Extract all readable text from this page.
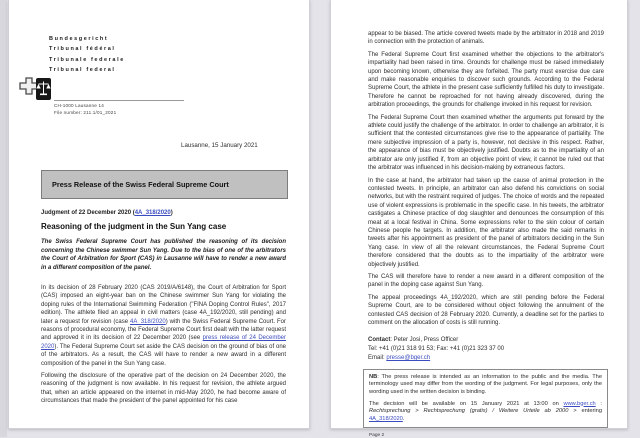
Bundesgericht
Tribunal fédéral
Tribunale federale
Tribunal federal
CH-1000 Lausanne 14
File number: 211.1/01_2021
Lausanne, 15 January 2021
Press Release of the Swiss Federal Supreme Court

Judgment of 22 December 2020 (4A_318/2020)

Reasoning of the judgment in the Sun Yang case

The Swiss Federal Supreme Court has published the reasoning of its decision concerning the Chinese swimmer Sun Yang. Due to the bias of one of the arbitrators the Court of Arbitration for Sport (CAS) in Lausanne will have to render a new award in a different composition of the panel.

In its decision of 28 February 2020 (CAS 2019/A/6148), the Court of Arbitration for Sport (CAS) imposed an eight-year ban on the Chinese swimmer Sun Yang for violating the doping rules of the International Swimming Federation ("FINA Doping Control Rules", 2017 edition). The athlete filed an appeal in civil matters (case 4A_192/2020, still pending) and later a request for revision (case 4A_318/2020) with the Swiss Federal Supreme Court. For reasons of procedural economy, the Federal Supreme Court first dealt with the latter request and approved it in its decision of 22 December 2020 (see press release of 24 December 2020). The Federal Supreme Court set aside the CAS decision on the ground of bias of one of the arbitrators. As a result, the CAS will have to render a new award in a different composition of the panel in the Sun Yang case.

Following the disclosure of the operative part of the decision on 24 December 2020, the reasoning of the judgment is now available. In his request for revision, the athlete argued that, when an article appeared on the internet in mid-May 2020, he had become aware of circumstances that made the president of the panel appointed for his case

appear to be biased. The article covered tweets made by the arbitrator in 2018 and 2019 in connection with the protection of animals.

The Federal Supreme Court first examined whether the objections to the arbitrator's impartiality had been raised in time. Grounds for challenge must be raised immediately upon becoming known, otherwise they are forfeited. The party must exercise due care and make reasonable enquiries to discover such grounds. According to the Federal Supreme Court, the athlete in the present case sufficiently fulfilled his duty to investigate. Therefore he cannot be reproached for not having already discovered, during the arbitration proceedings, the grounds for challenge invoked in his request for revision.

The Federal Supreme Court then examined whether the arguments put forward by the athlete could justify the challenge of the arbitrator. In order to challenge an arbitrator, it is sufficient that the contested circumstances give rise to the appearance of partiality. The mere subjective impression of a party is, however, not decisive in this respect. Rather, the appearance of bias must be objectively justified. Doubts as to the impartiality of an arbitrator are only justified if, from an objective point of view, it cannot be ruled out that the arbitrator was influenced in his decision-making by extraneous factors.

In the case at hand, the arbitrator had taken up the cause of animal protection in the contested tweets. In principle, an arbitrator can also defend his convictions on social networks, but with the restraint required of judges. The choice of words and the repeated use of violent expressions is problematic in the specific case. In his tweets, the arbitrator castigates a Chinese practice of dog slaughter and denounces the consumption of this meat at a local festival in China. Some expressions refer to the skin colour of certain Chinese people he targets. In addition, the arbitrator also made the said remarks in tweets after his appointment as president of the panel of arbitrators deciding in the Sun Yang case. In view of all the relevant circumstances, the Federal Supreme Court therefore considered that the doubts as to the impartiality of the arbitrator were objectively justified.

The CAS will therefore have to render a new award in a different composition of the panel in the doping case against Sun Yang.

The appeal proceedings 4A_192/2020, which are still pending before the Federal Supreme Court, are to be considered without object following the annulment of the contested CAS decision of 28 February 2020. Currently, a deadline set for the parties to comment on the allocation of costs is still running.

Contact: Peter Josi, Press Officer

Tel: +41 (0)21 318 91 53; Fax: +41 (0)21 323 37 00

Email: presse@bger.ch

NB: The press release is intended as an information to the public and the media. The terminology used may differ from the wording of the judgment. For legal purposes, only the wording used in the written decision is binding.

The decision will be available on 15 January 2021 at 13:00 on www.bger.ch : Rechtsprechung > Rechtsprechung (gratis) / Weitere Urteile ab 2000 > entering 4A_318/2020.

Page 2
